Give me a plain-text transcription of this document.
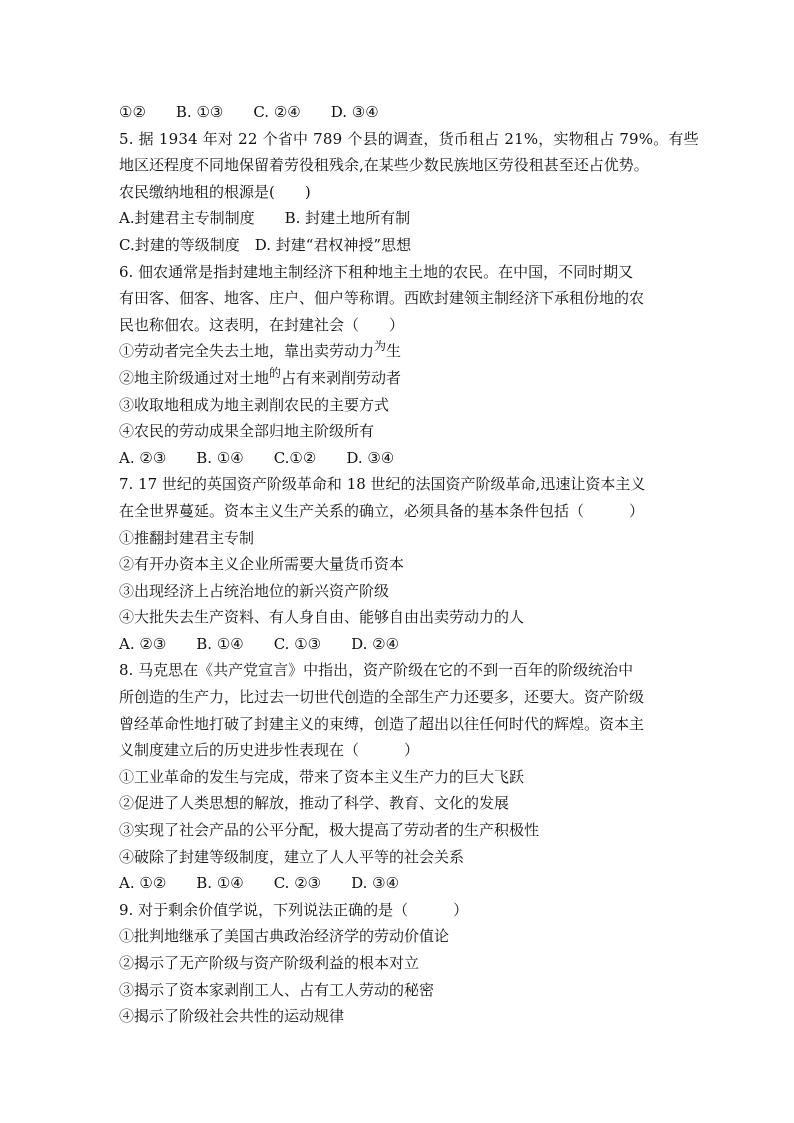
①②　　B. ①③　　C. ②④　　D. ③④
5. 据 1934 年对 22 个省中 789 个县的调查，货币租占 21%，实物租占 79%。有些
地区还程度不同地保留着劳役租残余,在某些少数民族地区劳役租甚至还占优势。
农民缴纳地租的根源是(　　)
A.封建君主专制制度　　B. 封建土地所有制
C.封建的等级制度　D. 封建“君权神授”思想
6. 佃农通常是指封建地主制经济下租种地主土地的农民。在中国，不同时期又
有田客、佃客、地客、庄户、佃户等称谓。西欧封建领主制经济下承租份地的农
民也称佃农。这表明，在封建社会（　　）
①劳动者完全失去土地，靠出卖劳动力$^为$生
②地主阶级通过对土地$^的$占有来剥削劳动者
③收取地租成为地主剥削农民的主要方式
④农民的劳动成果全部归地主阶级所有
A. ②③　　B. ①④　　C.①②　　D. ③④
7. 17 世纪的英国资产阶级革命和 18 世纪的法国资产阶级革命,迅速让资本主义
在全世界蔓延。资本主义生产关系的确立，必须具备的基本条件包括（　　　）
①推翻封建君主专制
②有开办资本主义企业所需要大量货币资本
③出现经济上占统治地位的新兴资产阶级
④大批失去生产资料、有人身自由、能够自由出卖劳动力的人
A. ②③　　B. ①④　　C. ①③　　D. ②④
8. 马克思在《共产党宣言》中指出，资产阶级在它的不到一百年的阶级统治中
所创造的生产力，比过去一切世代创造的全部生产力还要多，还要大。资产阶级
曾经革命性地打破了封建主义的束缚，创造了超出以往任何时代的辉煌。资本主
义制度建立后的历史进步性表现在（　　　）
①工业革命的发生与完成，带来了资本主义生产力的巨大飞跃
②促进了人类思想的解放，推动了科学、教育、文化的发展
③实现了社会产品的公平分配，极大提高了劳动者的生产积极性
④破除了封建等级制度，建立了人人平等的社会关系
A. ①②　　B. ①④　　C. ②③　　D. ③④
9. 对于剩余价值学说，下列说法正确的是（　　　）
①批判地继承了美国古典政治经济学的劳动价值论
②揭示了无产阶级与资产阶级利益的根本对立
③揭示了资本家剥削工人、占有工人劳动的秘密
④揭示了阶级社会共性的运动规律
